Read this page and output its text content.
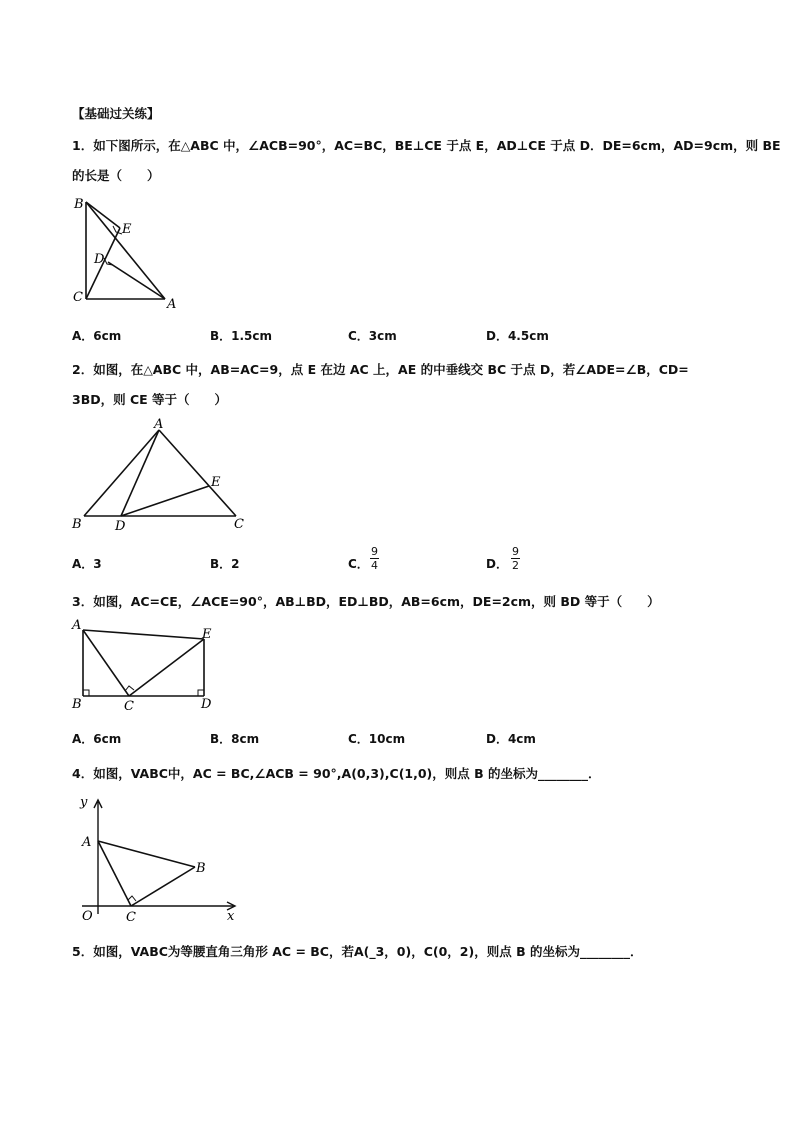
【基础过关练】
1．如下图所示，在△ABC 中，∠ACB=90°，AC=BC，BE⊥CE 于点 E，AD⊥CE 于点 D．DE=6cm，AD=9cm，则 BE
的长是（　　）
B
E
D
C	A
A．6cm	B．1.5cm	C．3cm	D．4.5cm
2．如图，在△ABC 中，AB=AC=9，点 E 在边 AC 上，AE 的中垂线交 BC 于点 D，若∠ADE=∠B，CD=
3BD，则 CE 等于（　　）
A
E
B	D	C
A．3	B．2	C． $\frac{9}{4}$	D． $\frac{9}{2}$
3．如图，AC=CE，∠ACE=90°，AB⊥BD，ED⊥BD，AB=6cm，DE=2cm，则 BD 等于（　　）
A
E
B	C	D
A．6cm	B．8cm	C．10cm	D．4cm
4．如图，VABC中，AC = BC,∠ACB = 90°,A(0,3),C(1,0)，则点 B 的坐标为________．
y
A
B
O	C	x
5．如图，VABC为等腰直角三角形 AC = BC，若A(_3，0)，C(0，2)，则点 B 的坐标为________．
